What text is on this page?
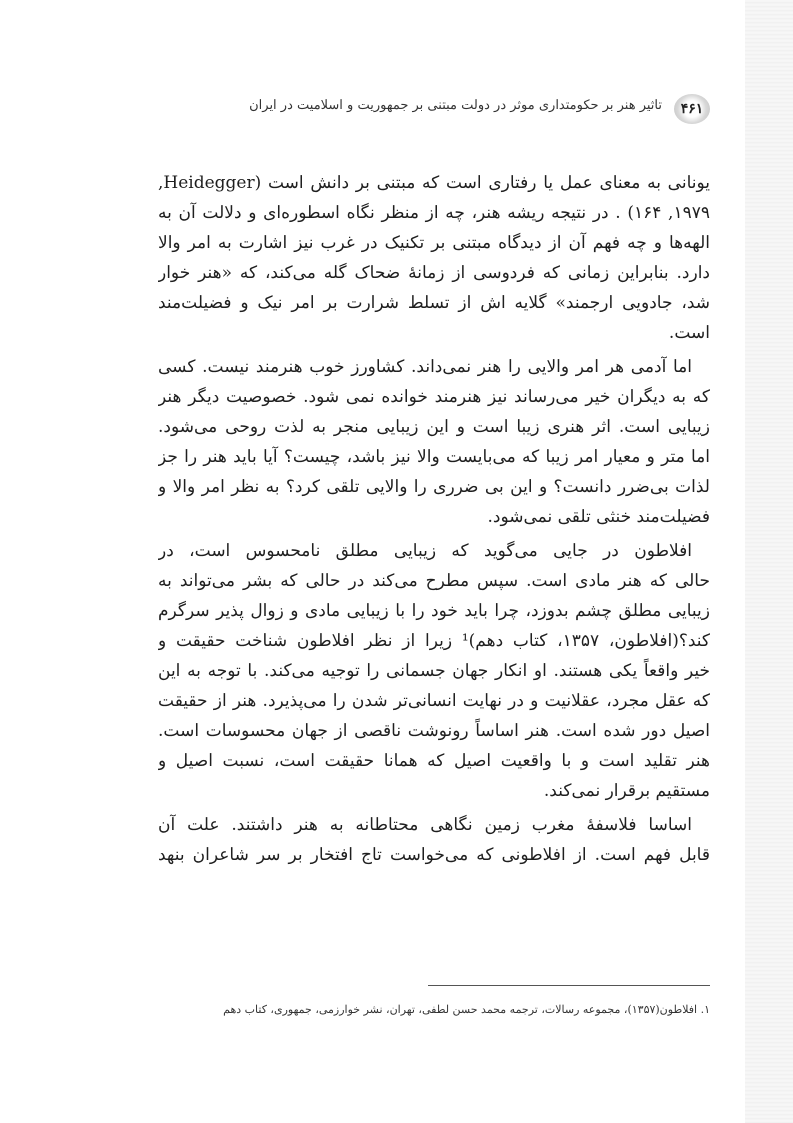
۴۶۱
تاثیر هنر بر حکومتداری موثر در دولت مبتنی بر جمهوریت و اسلامیت در ایران
یونانی به معنای عمل یا رفتاری است که مبتنی بر دانش است (Heidegger,
۱۹۷۹, ۱۶۴) . در نتیجه ریشه هنر، چه از منظر نگاه اسطوره‌ای و دلالت آن به
الهه‌ها و چه فهم آن از دیدگاه مبتنی بر تکنیک در غرب نیز اشارت به امر والا
دارد. بنابراین زمانی که فردوسی از زمانهٔ ضحاک گله می‌کند، که «هنر خوار
شد، جادویی ارجمند» گلایه اش از تسلط شرارت بر امر نیک و فضیلت‌مند
است.
اما آدمی هر امر والایی را هنر نمی‌داند. کشاورز خوب هنرمند نیست. کسی
که به دیگران خیر می‌رساند نیز هنرمند خوانده نمی شود. خصوصیت دیگر هنر
زیبایی است. اثر هنری زیبا است و این زیبایی منجر به لذت روحی می‌شود.
اما متر و معیار امر زیبا که می‌بایست والا نیز باشد، چیست؟ آیا باید هنر را جز
لذات بی‌ضرر دانست؟ و این بی ضرری را والایی تلقی کرد؟ به نظر امر والا و
فضیلت‌مند خنثی تلقی نمی‌شود.
افلاطون در جایی می‌گوید که زیبایی مطلق نامحسوس است، در
حالی که هنر مادی است. سپس مطرح می‌کند در حالی که بشر می‌تواند به
زیبایی مطلق چشم بدوزد، چرا باید خود را با زیبایی مادی و زوال پذیر سرگرم
کند؟(افلاطون، ۱۳۵۷، کتاب دهم)¹ زیرا از نظر افلاطون شناخت حقیقت و
خیر واقعاً یکی هستند. او انکار جهان جسمانی را توجیه می‌کند. با توجه به این
که عقل مجرد، عقلانیت و در نهایت انسانی‌تر شدن را می‌پذیرد. هنر از حقیقت
اصیل دور شده است. هنر اساساً رونوشت ناقصی از جهان محسوسات است.
هنر تقلید است و با واقعیت اصیل که همانا حقیقت است، نسبت اصیل و
مستقیم برقرار نمی‌کند.
اساسا فلاسفهٔ مغرب زمین نگاهی محتاطانه به هنر داشتند. علت آن
قابل فهم است. از افلاطونی که می‌خواست تاج افتخار بر سر شاعران بنهد
۱. افلاطون(۱۳۵۷)، مجموعه رسالات، ترجمه محمد حسن لطفی، تهران، نشر خوارزمی، جمهوری، کتاب دهم
